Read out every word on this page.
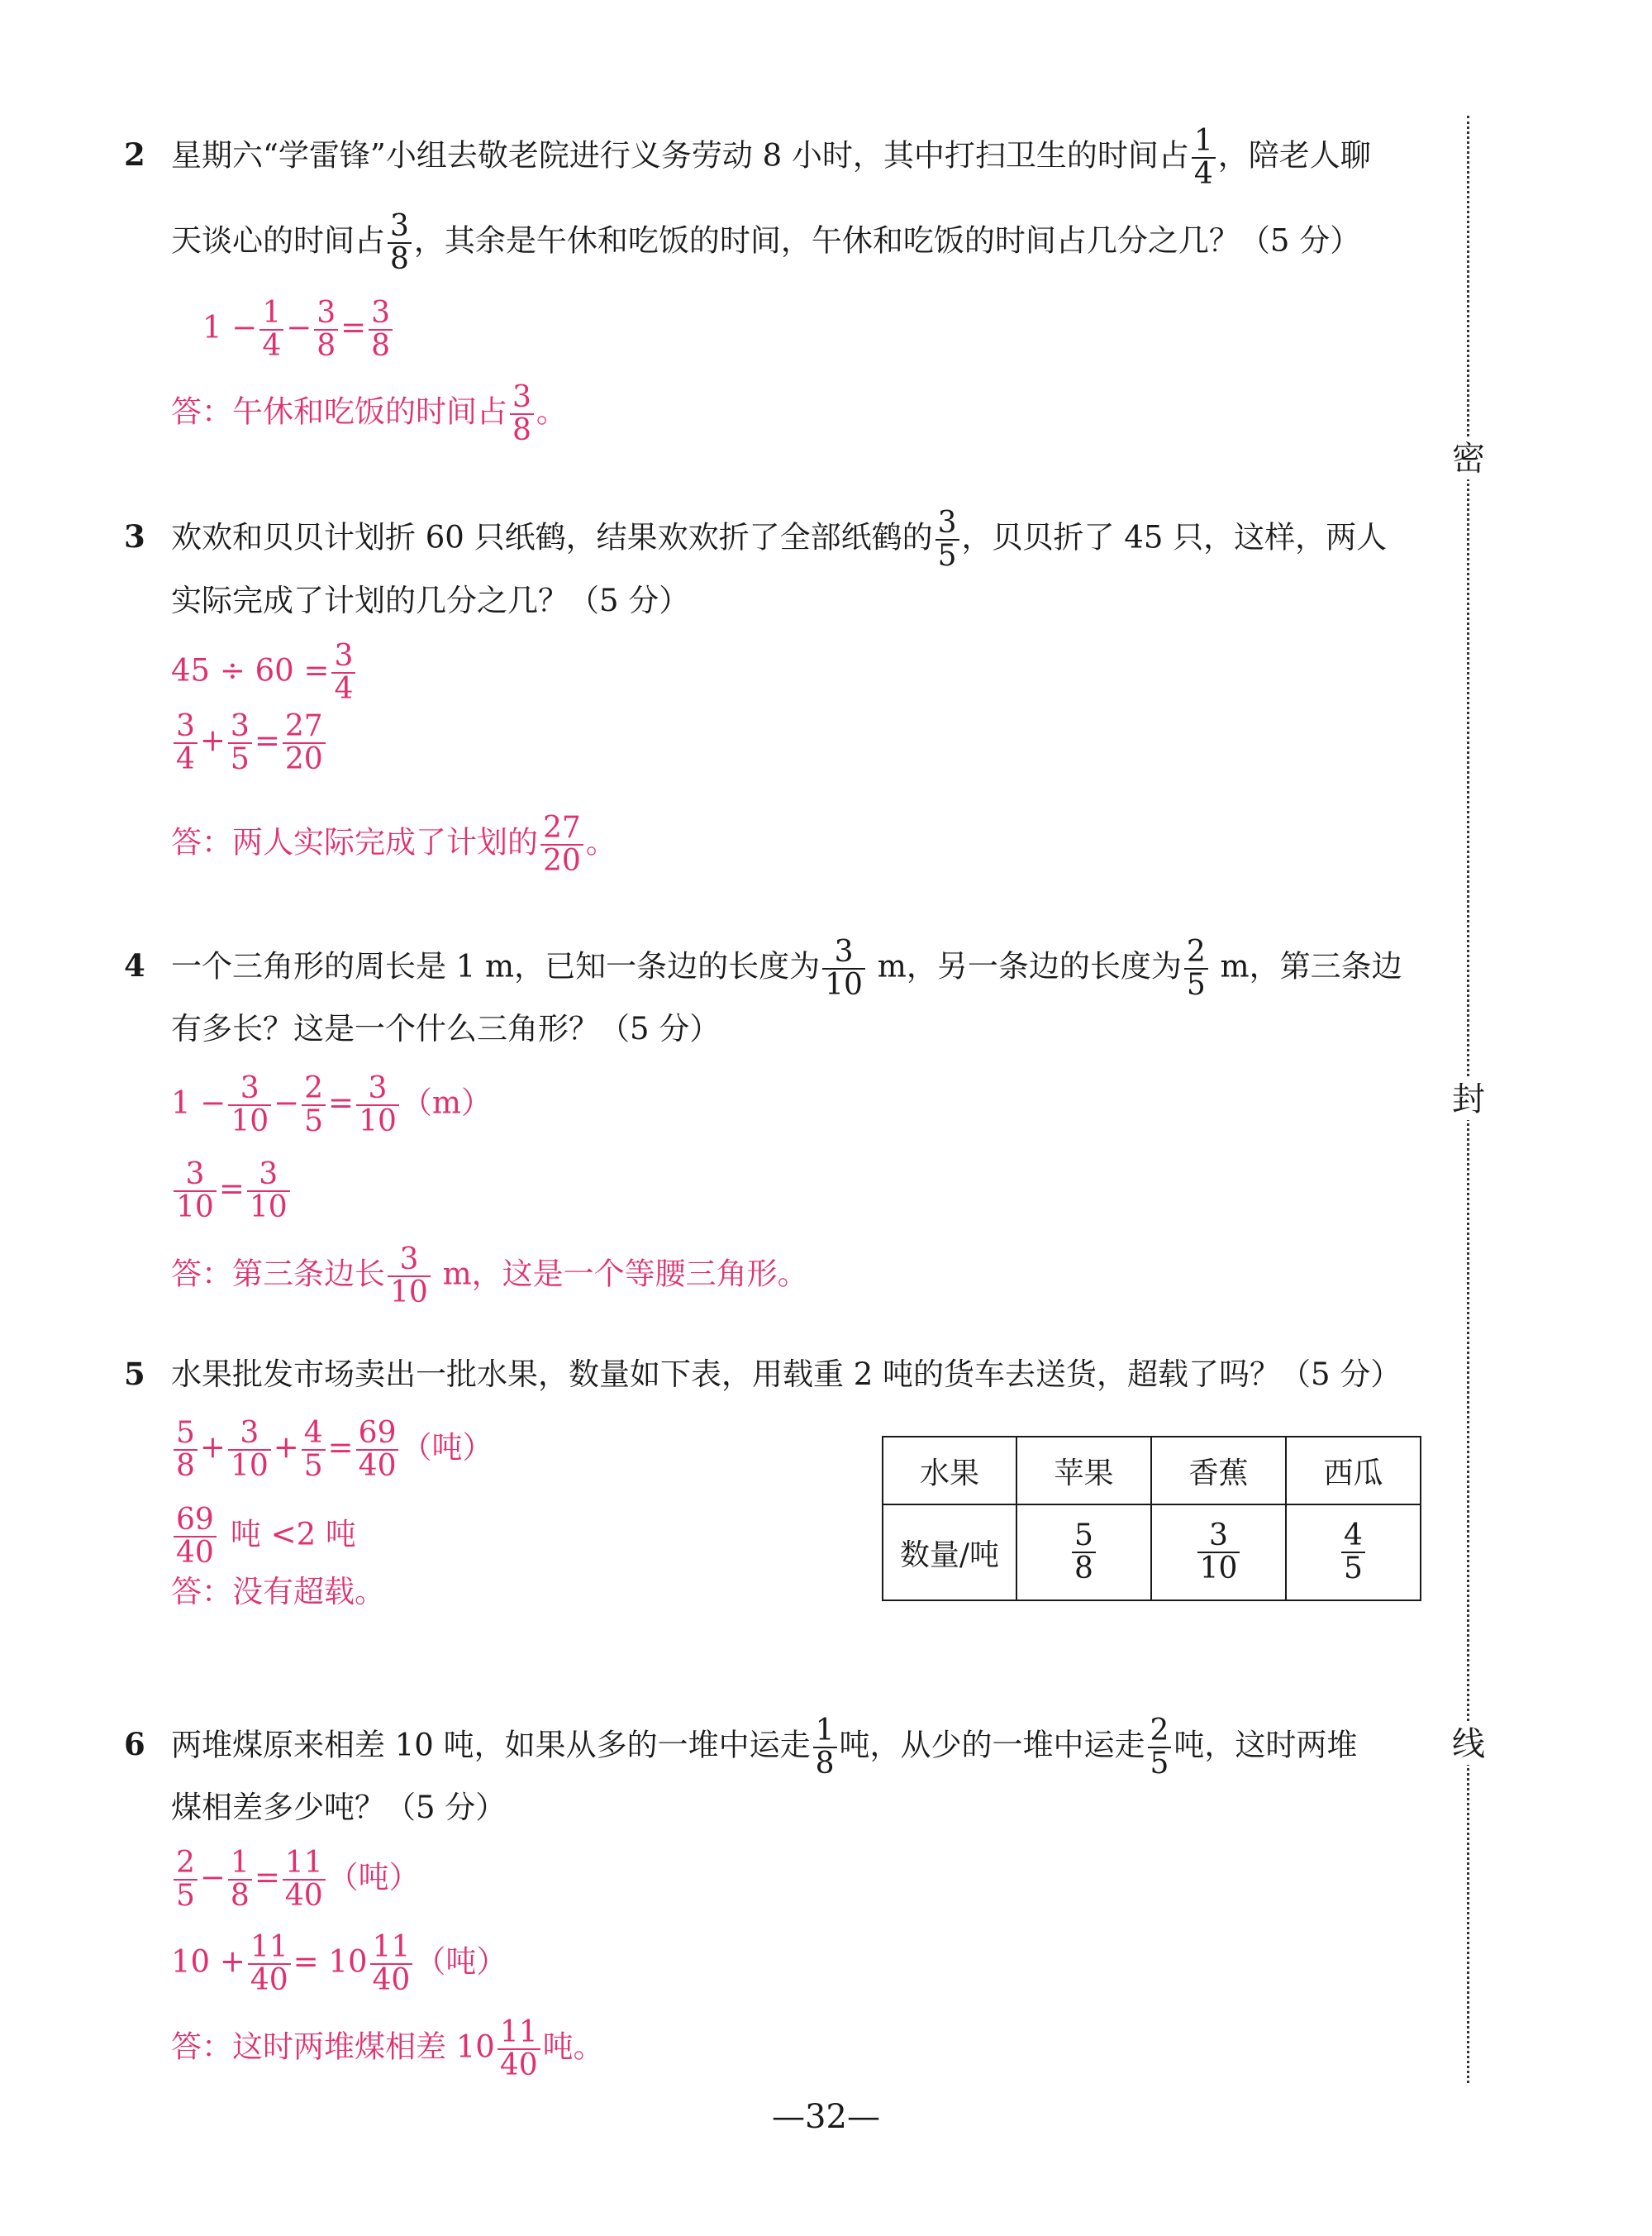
密
封
线
2 星期六“学雷锋”小组去敬老院进行义务劳动 8 小时，其中打扫卫生的时间占 $\frac{1}{4}$ ，陪老人聊
天谈心的时间占 $\frac{3}{8}$ ，其余是午休和吃饭的时间，午休和吃饭的时间占几分之几？（5 分）
$1 - \frac{1}{4} - \frac{3}{8} = \frac{3}{8}$
答：午休和吃饭的时间占 $\frac{3}{8}$ 。
3 欢欢和贝贝计划折 60 只纸鹤，结果欢欢折了全部纸鹤的 $\frac{3}{5}$ ，贝贝折了 45 只，这样，两人
实际完成了计划的几分之几？（5 分）
$45 \div 60 = \frac{3}{4}$
$\frac{3}{4} + \frac{3}{5} = \frac{27}{20}$
答：两人实际完成了计划的 $\frac{27}{20}$ 。
4 一个三角形的周长是 1 m，已知一条边的长度为 $\frac{3}{10}$ m，另一条边的长度为 $\frac{2}{5}$ m，第三条边
有多长？这是一个什么三角形？（5 分）
$1 - \frac{3}{10} - \frac{2}{5} = \frac{3}{10} (m)$
$\frac{3}{10} = \frac{3}{10}$
答：第三条边长 $\frac{3}{10}$ m，这是一个等腰三角形。
5 水果批发市场卖出一批水果，数量如下表，用载重 2 吨的货车去送货，超载了吗？（5 分）
$\frac{5}{8} + \frac{3}{10} + \frac{4}{5} = \frac{69}{40}$ （吨）
$\frac{69}{40}$ 吨 <2 吨
答：没有超载。
水果	苹果	香蕉	西瓜
数量/吨	$\frac{5}{8}$	$\frac{3}{10}$	$\frac{4}{5}$
6 两堆煤原来相差 10 吨，如果从多的一堆中运走 $\frac{1}{8}$ 吨，从少的一堆中运走 $\frac{2}{5}$ 吨，这时两堆
煤相差多少吨？（5 分）
$\frac{2}{5} - \frac{1}{8} = \frac{11}{40}$ （吨）
$10 + \frac{11}{40} = 10 \frac{11}{40}$ （吨）
答：这时两堆煤相差 $10 \frac{11}{40}$ 吨。
—32—
